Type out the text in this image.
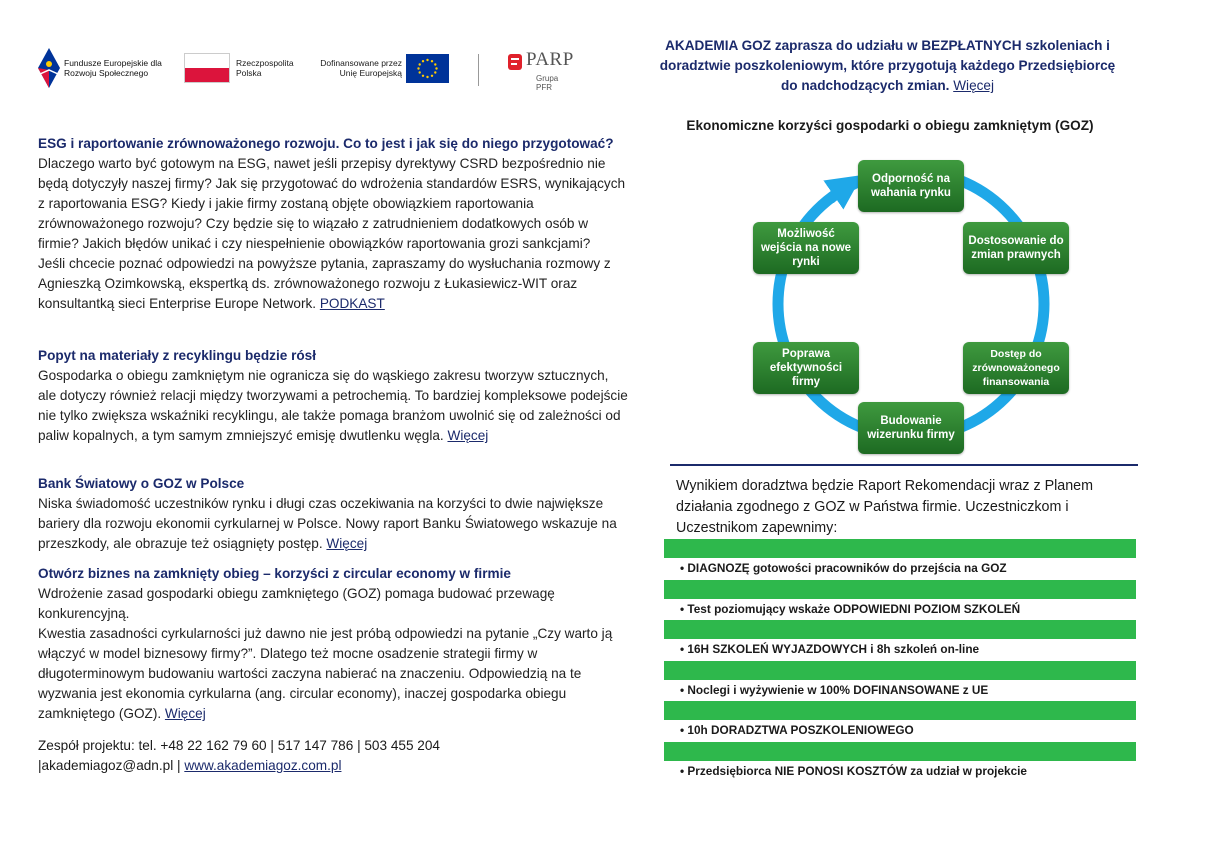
Fundusze Europejskie dla Rozwoju Społecznego
Rzeczpospolita Polska
Dofinansowane przez Unię Europejską
PARP
Grupa PFR
ESG i raportowanie zrównoważonego rozwoju. Co to jest i jak się do niego przygotować?

Dlaczego warto być gotowym na ESG, nawet jeśli przepisy dyrektywy CSRD bezpośrednio nie będą dotyczyły naszej firmy? Jak się przygotować do wdrożenia standardów ESRS, wynikających z raportowania ESG? Kiedy i jakie firmy zostaną objęte obowiązkiem raportowania zrównoważonego rozwoju? Czy będzie się to wiązało z zatrudnieniem dodatkowych osób w firmie? Jakich błędów unikać i czy niespełnienie obowiązków raportowania grozi sankcjami?

Jeśli chcecie poznać odpowiedzi na powyższe pytania, zapraszamy do wysłuchania rozmowy z Agnieszką Ozimkowską, ekspertką ds. zrównoważonego rozwoju z Łukasiewicz-WIT oraz konsultantką sieci Enterprise Europe Network. PODKAST

Popyt na materiały z recyklingu będzie rósł

Gospodarka o obiegu zamkniętym nie ogranicza się do wąskiego zakresu tworzyw sztucznych, ale dotyczy również relacji między tworzywami a petrochemią. To bardziej kompleksowe podejście nie tylko zwiększa wskaźniki recyklingu, ale także pomaga branżom uwolnić się od zależności od paliw kopalnych, a tym samym zmniejszyć emisję dwutlenku węgla. Więcej

Bank Światowy o GOZ w Polsce

Niska świadomość uczestników rynku i długi czas oczekiwania na korzyści to dwie największe bariery dla rozwoju ekonomii cyrkularnej w Polsce. Nowy raport Banku Światowego wskazuje na przeszkody, ale obrazuje też osiągnięty postęp. Więcej

Otwórz biznes na zamknięty obieg – korzyści z circular economy w firmie

Wdrożenie zasad gospodarki obiegu zamkniętego (GOZ) pomaga budować przewagę konkurencyjną.

Kwestia zasadności cyrkularności już dawno nie jest próbą odpowiedzi na pytanie „Czy warto ją włączyć w model biznesowy firmy?”. Dlatego też mocne osadzenie strategii firmy w długoterminowym budowaniu wartości zaczyna nabierać na znaczeniu. Odpowiedzią na te wyzwania jest ekonomia cyrkularna (ang. circular economy), inaczej gospodarka obiegu zamkniętego (GOZ). Więcej

Zespół projektu: tel. +48 22 162 79 60 | 517 147 786 | 503 455 204
|akademiagoz@adn.pl | www.akademiagoz.com.pl
AKADEMIA GOZ zaprasza do udziału w BEZPŁATNYCH szkoleniach i doradztwie poszkoleniowym, które przygotują każdego Przedsiębiorcę do nadchodzących zmian. Więcej
Ekonomiczne korzyści gospodarki o obiegu zamkniętym (GOZ)
Odporność na wahania rynku
Dostosowanie do zmian prawnych
Dostęp do zrównoważonego finansowania
Budowanie wizerunku firmy
Poprawa efektywności firmy
Możliwość wejścia na nowe rynki
Wynikiem doradztwa będzie Raport Rekomendacji wraz z Planem działania zgodnego z GOZ w Państwa firmie. Uczestniczkom i Uczestnikom zapewnimy:
• DIAGNOZĘ gotowości pracowników do przejścia na GOZ
• Test poziomujący wskaże ODPOWIEDNI POZIOM SZKOLEŃ
• 16H SZKOLEŃ WYJAZDOWYCH i 8h szkoleń on-line
• Noclegi i wyżywienie w 100% DOFINANSOWANE z UE
• 10h DORADZTWA POSZKOLENIOWEGO
• Przedsiębiorca NIE PONOSI KOSZTÓW za udział w projekcie
